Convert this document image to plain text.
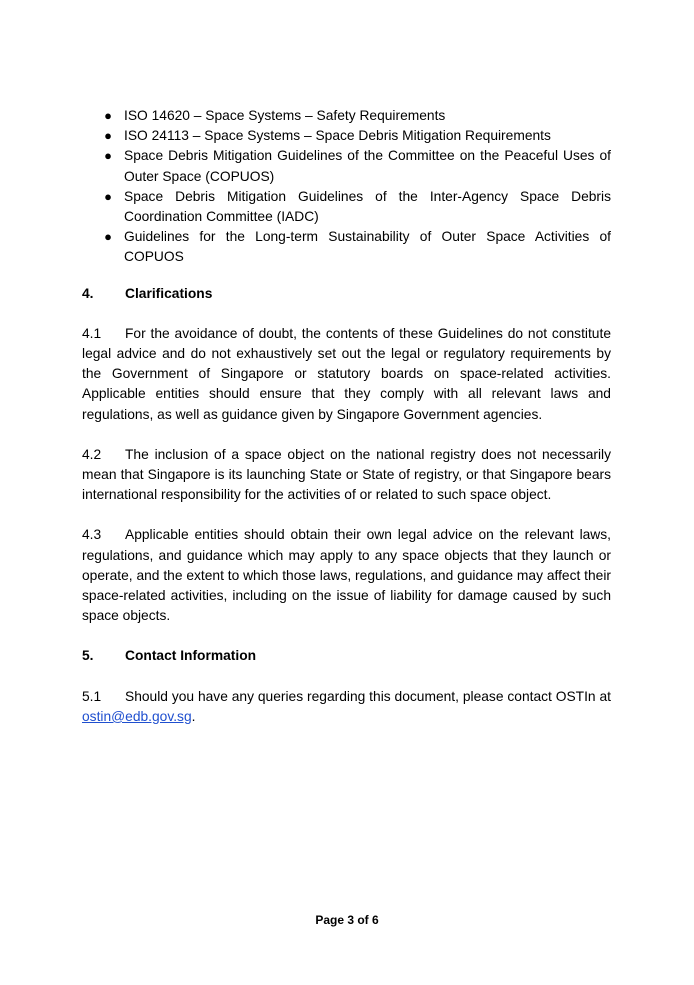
● ISO 14620 – Space Systems – Safety Requirements
● ISO 24113 – Space Systems – Space Debris Mitigation Requirements
● Space Debris Mitigation Guidelines of the Committee on the Peaceful Uses of Outer Space (COPUOS)
● Space Debris Mitigation Guidelines of the Inter-Agency Space Debris Coordination Committee (IADC)
● Guidelines for the Long-term Sustainability of Outer Space Activities of COPUOS
4. Clarifications

4.1 For the avoidance of doubt, the contents of these Guidelines do not constitute legal advice and do not exhaustively set out the legal or regulatory requirements by the Government of Singapore or statutory boards on space-related activities. Applicable entities should ensure that they comply with all relevant laws and regulations, as well as guidance given by Singapore Government agencies.

4.2 The inclusion of a space object on the national registry does not necessarily mean that Singapore is its launching State or State of registry, or that Singapore bears international responsibility for the activities of or related to such space object.

4.3 Applicable entities should obtain their own legal advice on the relevant laws, regulations, and guidance which may apply to any space objects that they launch or operate, and the extent to which those laws, regulations, and guidance may affect their space-related activities, including on the issue of liability for damage caused by such space objects.

5. Contact Information

5.1 Should you have any queries regarding this document, please contact OSTIn at ostin@edb.gov.sg.

Page 3 of 6
